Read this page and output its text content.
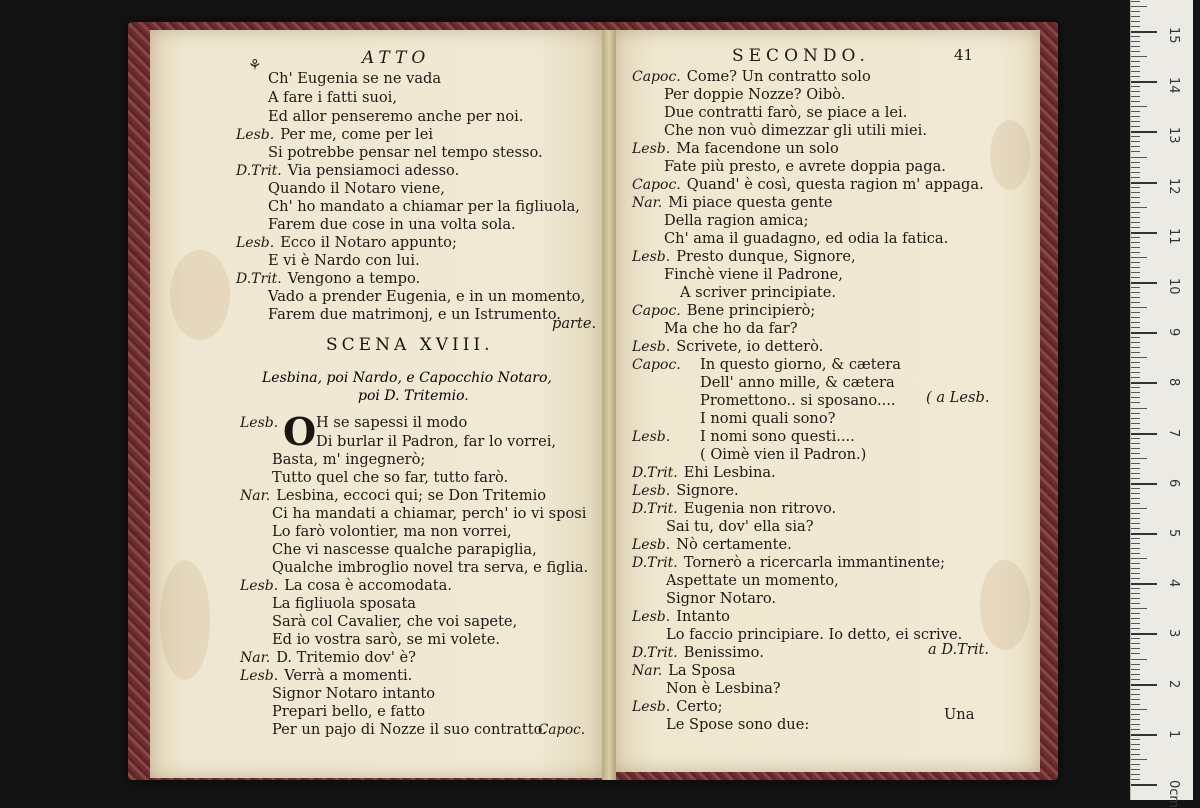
⚘	ATTO
Ch' Eugenia se ne vada
A fare i fatti suoi,
Ed allor penseremo anche per noi.
Lesb. Per me, come per lei
Si potrebbe pensar nel tempo stesso.
D.Trit. Via pensiamoci adesso.
Quando il Notaro viene,
Ch' ho mandato a chiamar per la figliuola,
Farem due cose in una volta sola.
Lesb. Ecco il Notaro appunto;
E vi è Nardo con lui.
D.Trit. Vengono a tempo.
Vado a prender Eugenia, e in un momento,
Farem due matrimonj, e un Istrumento.
parte.
SCENA XVIII.
Lesbina, poi Nardo, e Capocchio Notaro,
poi D. Tritemio.
O
Lesb.	H se sapessi il modo
Di burlar il Padron, far lo vorrei,
Basta, m' ingegnerò;
Tutto quel che so far, tutto farò.
Nar. Lesbina, eccoci qui; se Don Tritemio
Ci ha mandati a chiamar, perch' io vi sposi
Lo farò volontier, ma non vorrei,
Che vi nascesse qualche parapiglia,
Qualche imbroglio novel tra serva, e figlia.
Lesb. La cosa è accomodata.
La figliuola sposata
Sarà col Cavalier, che voi sapete,
Ed io vostra sarò, se mi volete.
Nar. D. Tritemio dov' è?
Lesb. Verrà a momenti.
Signor Notaro intanto
Prepari bello, e fatto
Per un pajo di Nozze il suo contratto.
Capoc.
SECONDO.	41
Capoc. Come? Un contratto solo
Per doppie Nozze? Oibò.
Due contratti farò, se piace a lei.
Che non vuò dimezzar gli utili miei.
Lesb. Ma facendone un solo
Fate più presto, e avrete doppia paga.
Capoc. Quand' è così, questa ragion m' appaga.
Nar. Mi piace questa gente
Della ragion amica;
Ch' ama il guadagno, ed odia la fatica.
Lesb. Presto dunque, Signore,
Finchè viene il Padrone,
A scriver principiate.
Capoc. Bene principierò;
Ma che ho da far?
Lesb. Scrivete, io detterò.
Capoc.	In questo giorno, & cætera
Dell' anno mille, & cætera
Promettono.. si sposano....
I nomi quali sono?
Lesb.	I nomi sono questi....
( Oimè vien il Padron.)
D.Trit. Ehi Lesbina.
Lesb. Signore.
D.Trit. Eugenia non ritrovo.
Sai tu, dov' ella sia?
Lesb. Nò certamente.
D.Trit. Tornerò a ricercarla immantinente;
Aspettate un momento,
Signor Notaro.
Lesb. Intanto
Lo faccio principiare. Io detto, ei scrive.
D.Trit. Benissimo.
Nar. La Sposa
Non è Lesbina?
Lesb. Certo;
Le Spose sono due:
( a Lesb.
a D.Trit.
Una
0cm
1
2
3
4
5
6
7
8
9
10
11
12
13
14
15
